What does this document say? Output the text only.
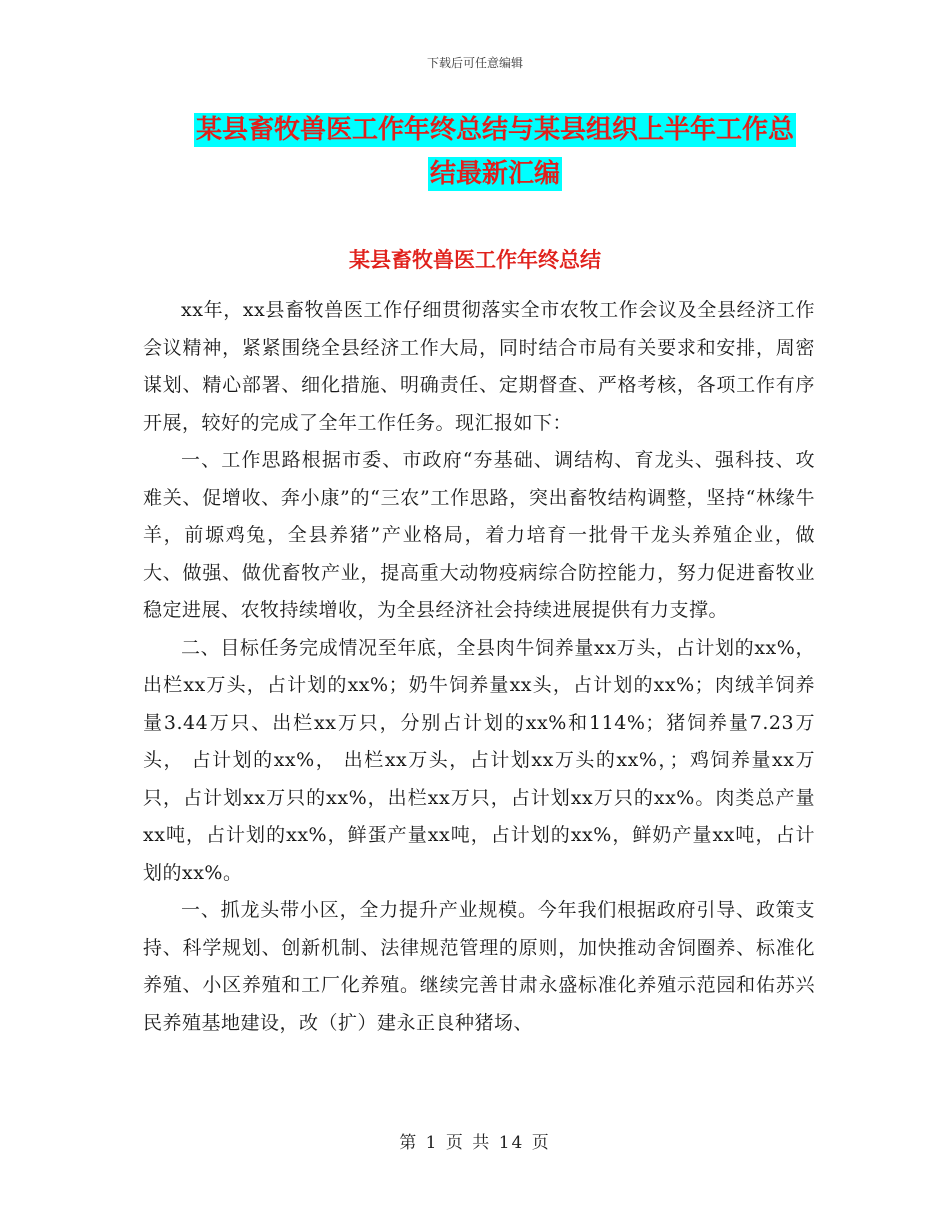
下载后可任意编辑
某县畜牧兽医工作年终总结与某县组织上半年工作总
结最新汇编
某县畜牧兽医工作年终总结

xx年，xx县畜牧兽医工作仔细贯彻落实全市农牧工作会议及全县经济工作会议精神，紧紧围绕全县经济工作大局，同时结合市局有关要求和安排，周密谋划、精心部署、细化措施、明确责任、定期督查、严格考核，各项工作有序开展，较好的完成了全年工作任务。现汇报如下：

一、工作思路根据市委、市政府“夯基础、调结构、育龙头、强科技、攻难关、促增收、奔小康”的“三农”工作思路，突出畜牧结构调整，坚持“林缘牛羊，前塬鸡兔，全县养猪”产业格局，着力培育一批骨干龙头养殖企业，做大、做强、做优畜牧产业，提高重大动物疫病综合防控能力，努力促进畜牧业稳定进展、农牧持续增收，为全县经济社会持续进展提供有力支撑。

二、目标任务完成情况至年底，全县肉牛饲养量xx万头，占计划的xx%，出栏xx万头，占计划的xx%；奶牛饲养量xx头，占计划的xx%；肉绒羊饲养量3.44万只、出栏xx万只，分别占计划的xx%和114%；猪饲养量7.23万头， 占计划的xx%， 出栏xx万头，占计划xx万头的xx%，；鸡饲养量xx万只，占计划xx万只的xx%，出栏xx万只，占计划xx万只的xx%。肉类总产量xx吨，占计划的xx%，鲜蛋产量xx吨，占计划的xx%，鲜奶产量xx吨，占计划的xx%。

一、抓龙头带小区，全力提升产业规模。今年我们根据政府引导、政策支持、科学规划、创新机制、法律规范管理的原则，加快推动舍饲圈养、标准化养殖、小区养殖和工厂化养殖。继续完善甘肃永盛标准化养殖示范园和佑苏兴民养殖基地建设，改（扩）建永正良种猪场、

第 1 页 共 14 页
